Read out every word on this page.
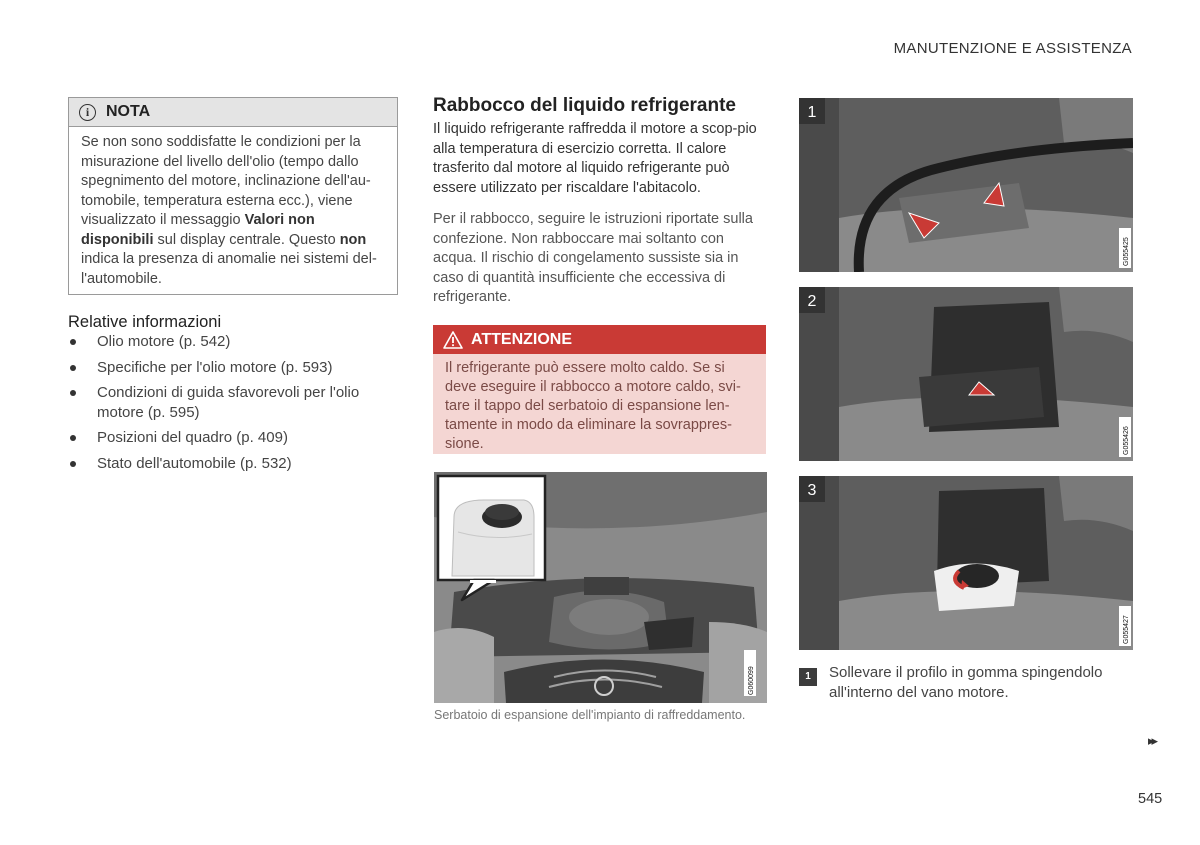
MANUTENZIONE E ASSISTENZA
i	NOTA
Se non sono soddisfatte le condizioni per la misurazione del livello dell'olio (tempo dallo spegnimento del motore, inclinazione dell'au-tomobile, temperatura esterna ecc.), viene visualizzato il messaggio Valori non disponibili sul display centrale. Questo non indica la presenza di anomalie nei sistemi del-l'automobile.
Relative informazioni
Olio motore (p. 542)
Specifiche per l'olio motore (p. 593)
Condizioni di guida sfavorevoli per l'olio motore (p. 595)
Posizioni del quadro (p. 409)
Stato dell'automobile (p. 532)
Rabbocco del liquido refrigerante
Il liquido refrigerante raffredda il motore a scop-pio alla temperatura di esercizio corretta. Il calore trasferito dal motore al liquido refrigerante può essere utilizzato per riscaldare l'abitacolo.
Per il rabbocco, seguire le istruzioni riportate sulla confezione. Non rabboccare mai soltanto con acqua. Il rischio di congelamento sussiste sia in caso di quantità insufficiente che eccessiva di refrigerante.
ATTENZIONE
Il refrigerante può essere molto caldo. Se si deve eseguire il rabbocco a motore caldo, svi-tare il tappo del serbatoio di espansione len-tamente in modo da eliminare la sovrappres-sione.
G060099
Serbatoio di espansione dell'impianto di raffreddamento.
1
G055425
2
G055426
3
G055427
1	Sollevare il profilo in gomma spingendolo all'interno del vano motore.
▸▸
545
